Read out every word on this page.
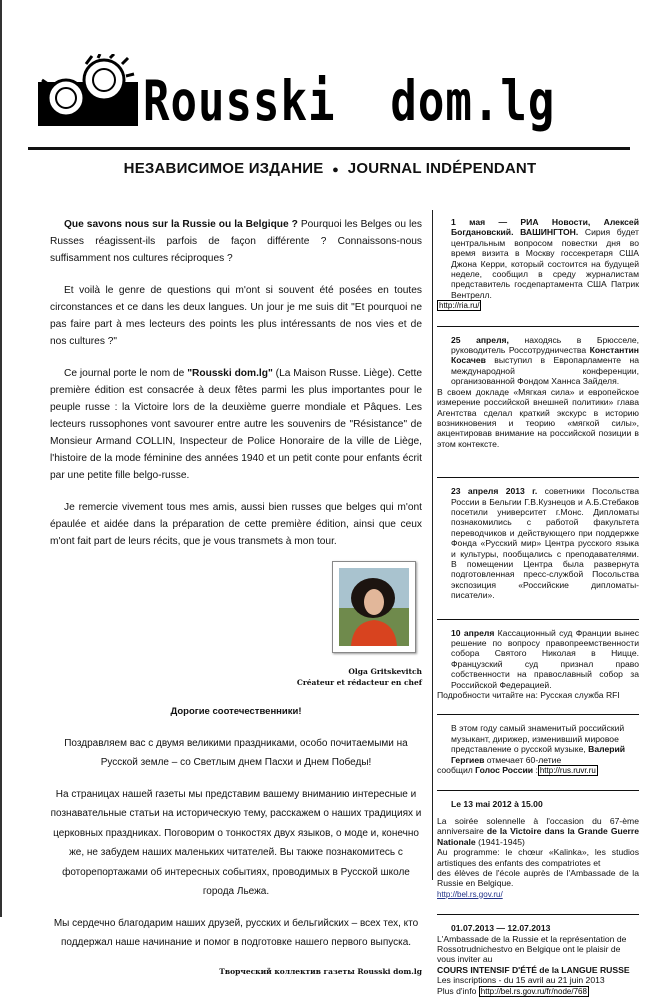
Rousski  dom.lg
НЕЗАВИСИМОЕ ИЗДАНИЕ ● JOURNAL INDÉPENDANT

Que savons nous sur la Russie ou la Belgique ? Pourquoi les Belges ou les Russes réagissent-ils parfois de façon différente ? Connaissons-nous suffisamment nos cultures réciproques ?

Et voilà le genre de questions qui m'ont si souvent été posées en toutes circonstances et ce dans les deux langues. Un jour je me suis dit "Et pourquoi ne pas faire part à mes lecteurs des points les plus intéressants de nos vies et de nos cultures ?"

Ce journal porte le nom de "Rousski dom.lg" (La Maison Russe. Liège). Cette première édition est consacrée à deux fêtes parmi les plus importantes pour le peuple russe : la Victoire lors de la deuxième guerre mondiale et Pâques. Les lecteurs russophones vont savourer entre autre les souvenirs de "Résistance" de Monsieur Armand COLLIN, Inspecteur de Police Honoraire de la ville de Liège, l'histoire de la mode féminine des années 1940 et un petit conte pour enfants écrit par une petite fille belgo-russe.

Je remercie vivement tous mes amis, aussi bien russes que belges qui m'ont épaulée et aidée dans la préparation de cette première édition, ainsi que ceux m'ont fait part de leurs récits, que je vous transmets à mon tour.

Olga Gritskevitch
Créateur et rédacteur en chef

Дорогие соотечественники!

Поздравляем вас с двумя великими праздниками, особо почитаемыми на Русской земле – со Светлым днем Пасхи и Днем Победы!

На страницах нашей газеты мы представим вашему вниманию интересные и познавательные статьи на историческую тему, расскажем о наших традициях и церковных праздниках. Поговорим о тонкостях двух языков, о моде и, конечно же, не забудем наших маленьких читателей. Вы также познакомитесь с фоторепортажами об интересных событиях, проводимых в Русской школе города Льежа.

Мы сердечно благодарим наших друзей, русских и бельгийских – всех тех, кто поддержал наше начинание и помог в подготовке нашего первого выпуска.

Творческий коллектив газеты Rousski dom.lg
1 мая — РИА Новости, Алексей Богдановский. ВАШИНГТОН. Сирия будет центральным вопросом повестки дня во время визита в Москву госсекретаря США Джона Керри, который состоится на будущей неделе, сообщил в среду журналистам представитель госдепартамента США Патрик Вентрелл.
http://ria.ru/
25 апреля, находясь в Брюсселе, руководитель Россотрудничества Константин Косачев выступил в Европарламенте на международной конференции, организованной Фондом Ханнса Зайделя.
В своем докладе «Мягкая сила» и европейское измерение российской внешней политики» глава Агентства сделал краткий экскурс в историю возникновения и теорию «мягкой силы», акцентировав внимание на российской позиции в этом контексте.
23 апреля 2013 г. советники Посольства России в Бельгии Г.В.Кузнецов и А.Б.Стебаков посетили университет г.Монс. Дипломаты познакомились с работой факультета переводчиков и действующего при поддержке Фонда «Русский мир» Центра русского языка и культуры, пообщались с преподавателями. В помещении Центра была развернута подготовленная пресс-службой Посольства экспозиция «Российские дипломаты-писатели».
10 апреля Кассационный суд Франции вынес решение по вопросу правопреемственности собора Святого Николая в Ницце. Французский суд признал право собственности на православный собор за Российской Федерацией.
Подробности читайте на: Русская служба RFI
В этом году самый знаменитый российский музыкант, дирижер, изменивший мировое представление о русской музыке, Валерий Гергиев отмечает 60-летие
сообщил Голос России : http://rus.ruvr.ru
Le 13 mai 2012 à 15.00
La soirée solennelle à l'occasion du 67-ème anniversaire de la Victoire dans la Grande Guerre Nationale (1941-1945)
Au programme: le chœur «Kalinka», les studios artistiques des enfants des compatriotes et
des élèves de l'école auprès de l'Ambassade de la Russie en Belgique.
http://bel.rs.gov.ru/
01.07.2013 — 12.07.2013
L'Ambassade de la Russie et la représentation de Rossotrudnichestvo en Belgique ont le plaisir de vous inviter au
COURS INTENSIF D'ÉTÉ de la LANGUE RUSSE
Les inscriptions - du 15 avril au 21 juin 2013
Plus d'info http://bel.rs.gov.ru/fr/node/768
